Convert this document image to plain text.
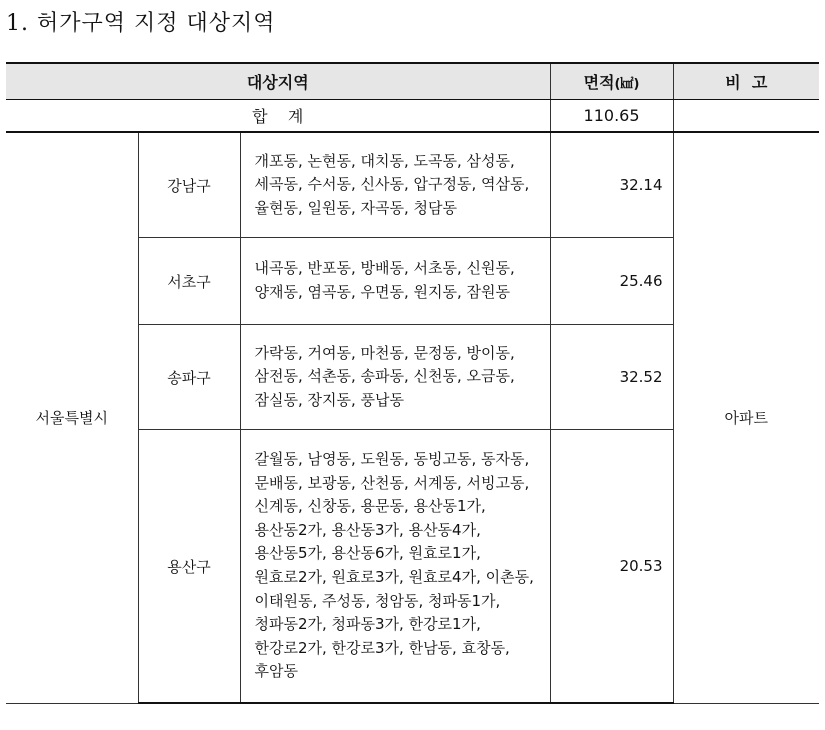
1. 허가구역 지정 대상지역
대상지역			면적(㎢)	비  고
합    계			110.65	
서울특별시	강남구	개포동, 논현동, 대치동, 도곡동, 삼성동, 세곡동, 수서동, 신사동, 압구정동, 역삼동, 율현동, 일원동, 자곡동, 청담동	32.14	아파트
	서초구	내곡동, 반포동, 방배동, 서초동, 신원동, 양재동, 염곡동, 우면동, 원지동, 잠원동	25.46	
	송파구	가락동, 거여동, 마천동, 문정동, 방이동, 삼전동, 석촌동, 송파동, 신천동, 오금동, 잠실동, 장지동, 풍납동	32.52	
	용산구	갈월동, 남영동, 도원동, 동빙고동, 동자동, 문배동, 보광동, 산천동, 서계동, 서빙고동, 신계동, 신창동, 용문동, 용산동1가, 용산동2가, 용산동3가, 용산동4가, 용산동5가, 용산동6가, 원효로1가, 원효로2가, 원효로3가, 원효로4가, 이촌동, 이태원동, 주성동, 청암동, 청파동1가, 청파동2가, 청파동3가, 한강로1가, 한강로2가, 한강로3가, 한남동, 효창동, 후암동	20.53	
